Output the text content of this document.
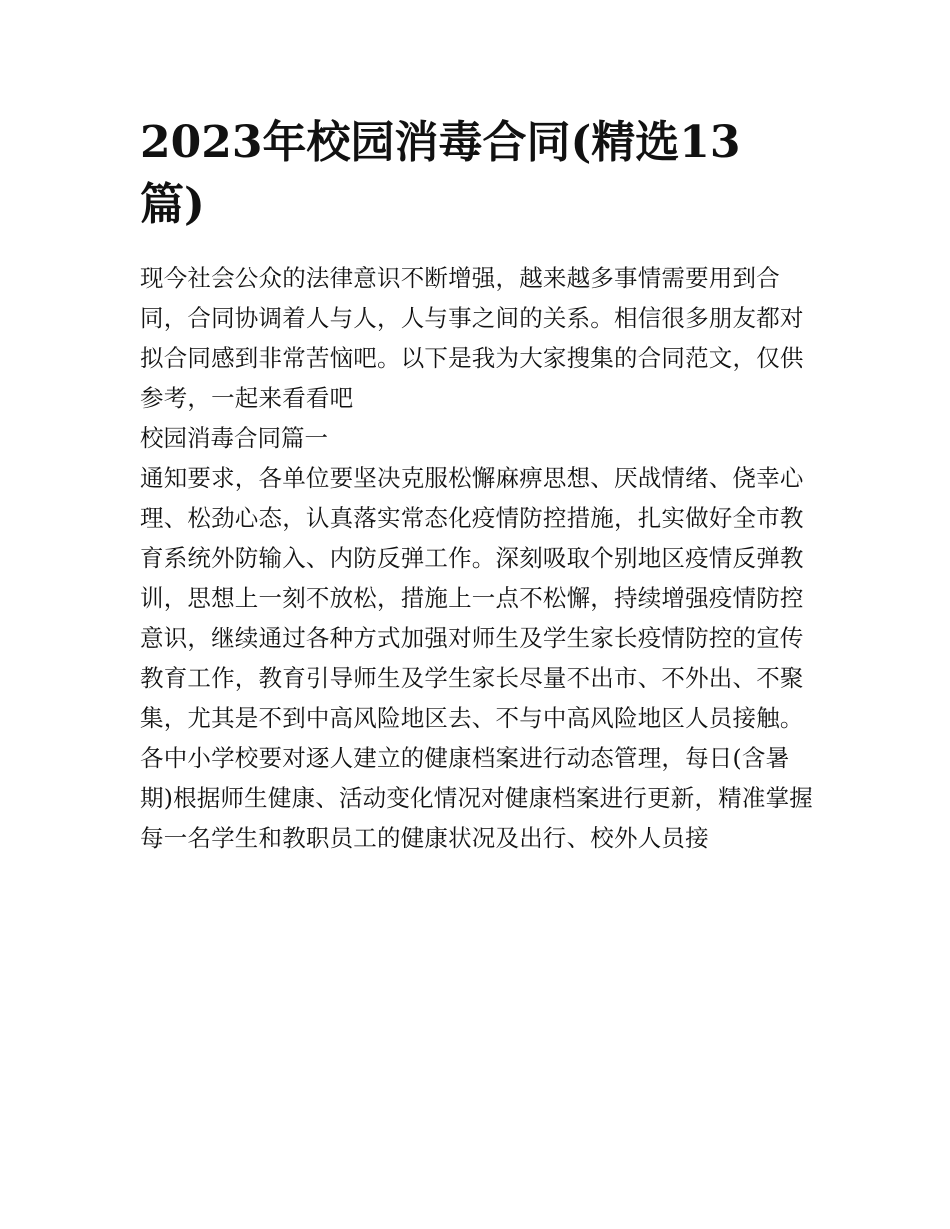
2023年校园消毒合同(精选13篇)

现今社会公众的法律意识不断增强，越来越多事情需要用到合同，合同协调着人与人，人与事之间的关系。相信很多朋友都对拟合同感到非常苦恼吧。以下是我为大家搜集的合同范文，仅供参考，一起来看看吧

校园消毒合同篇一

通知要求，各单位要坚决克服松懈麻痹思想、厌战情绪、侥幸心理、松劲心态，认真落实常态化疫情防控措施，扎实做好全市教育系统外防输入、内防反弹工作。深刻吸取个别地区疫情反弹教训，思想上一刻不放松，措施上一点不松懈，持续增强疫情防控意识，继续通过各种方式加强对师生及学生家长疫情防控的宣传教育工作，教育引导师生及学生家长尽量不出市、不外出、不聚集，尤其是不到中高风险地区去、不与中高风险地区人员接触。

各中小学校要对逐人建立的健康档案进行动态管理，每日(含暑期)根据师生健康、活动变化情况对健康档案进行更新，精准掌握每一名学生和教职员工的健康状况及出行、校外人员接
